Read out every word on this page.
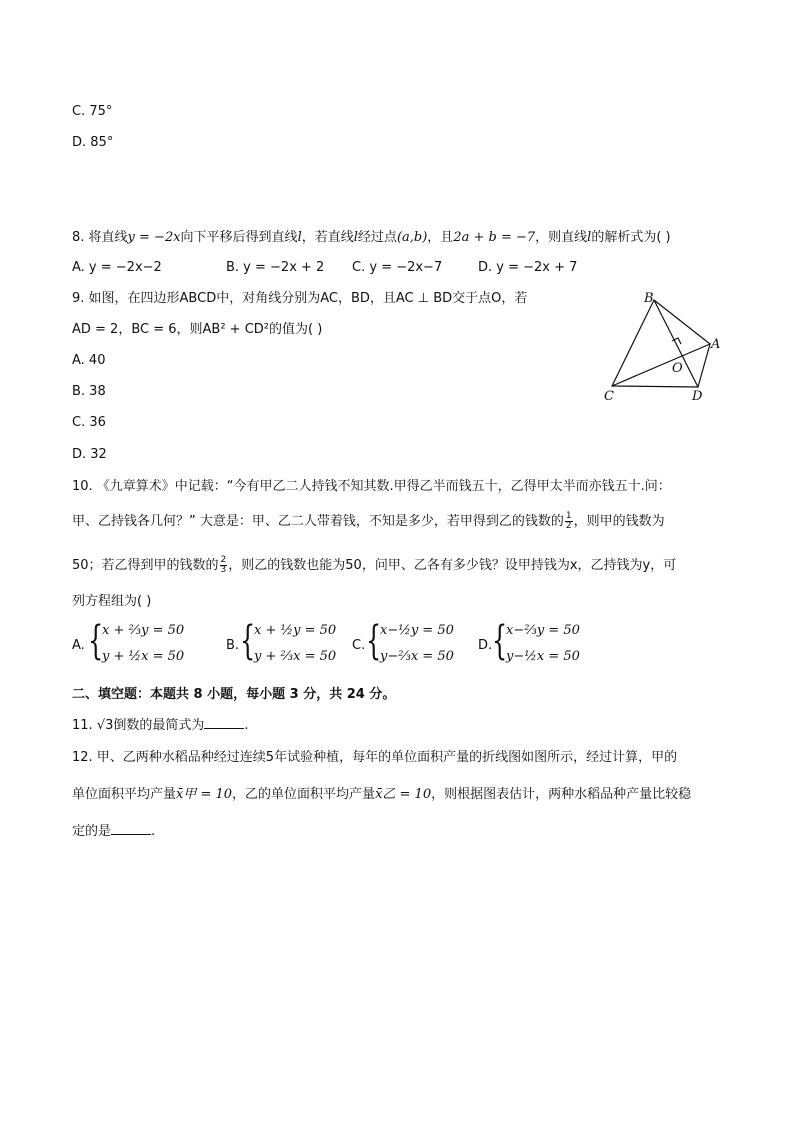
C. 75°
D. 85°
8. 将直线y = −2x向下平移后得到直线l，若直线l经过点(a,b)，且2a + b = −7，则直线l的解析式为( )
A. y = −2x−2	B. y = −2x + 2 C. y = −2x−7	D. y = −2x + 7
9. 如图，在四边形ABCD中，对角线分别为AC，BD，且AC ⊥ BD交于点O，若
AD = 2，BC = 6，则AB² + CD²的值为( )
A. 40
B. 38
C. 36
D. 32
B
A
O
C	D
10. 《九章算术》中记载：“今有甲乙二人持钱不知其数.甲得乙半而钱五十，乙得甲太半而亦钱五十.问：
甲、乙持钱各几何？” 大意是：甲、乙二人带着钱，不知是多少，若甲得到乙的钱数的 $\frac{1}{2}$ ，则甲的钱数为
50；若乙得到甲的钱数的 $\frac{2}{3}$ ，则乙的钱数也能为50，问甲、乙各有多少钱？设甲持钱为x，乙持钱为y，可
列方程组为( )
A. {
x + ⅔y = 50
y + ½x = 50
B. {
x + ½y = 50
y + ⅔x = 50
C. {
x−½y = 50
y−⅔x = 50
D. {
x−⅔y = 50
y−½x = 50
二、填空题：本题共 8 小题，每小题 3 分，共 24 分。
11. √3倒数的最简式为	.
12. 甲、乙两种水稻品种经过连续5年试验种植，每年的单位面积产量的折线图如图所示，经过计算，甲的
单位面积平均产量x̄甲 = 10，乙的单位面积平均产量x̄乙 = 10，则根据图表估计，两种水稻品种产量比较稳
定的是	.
